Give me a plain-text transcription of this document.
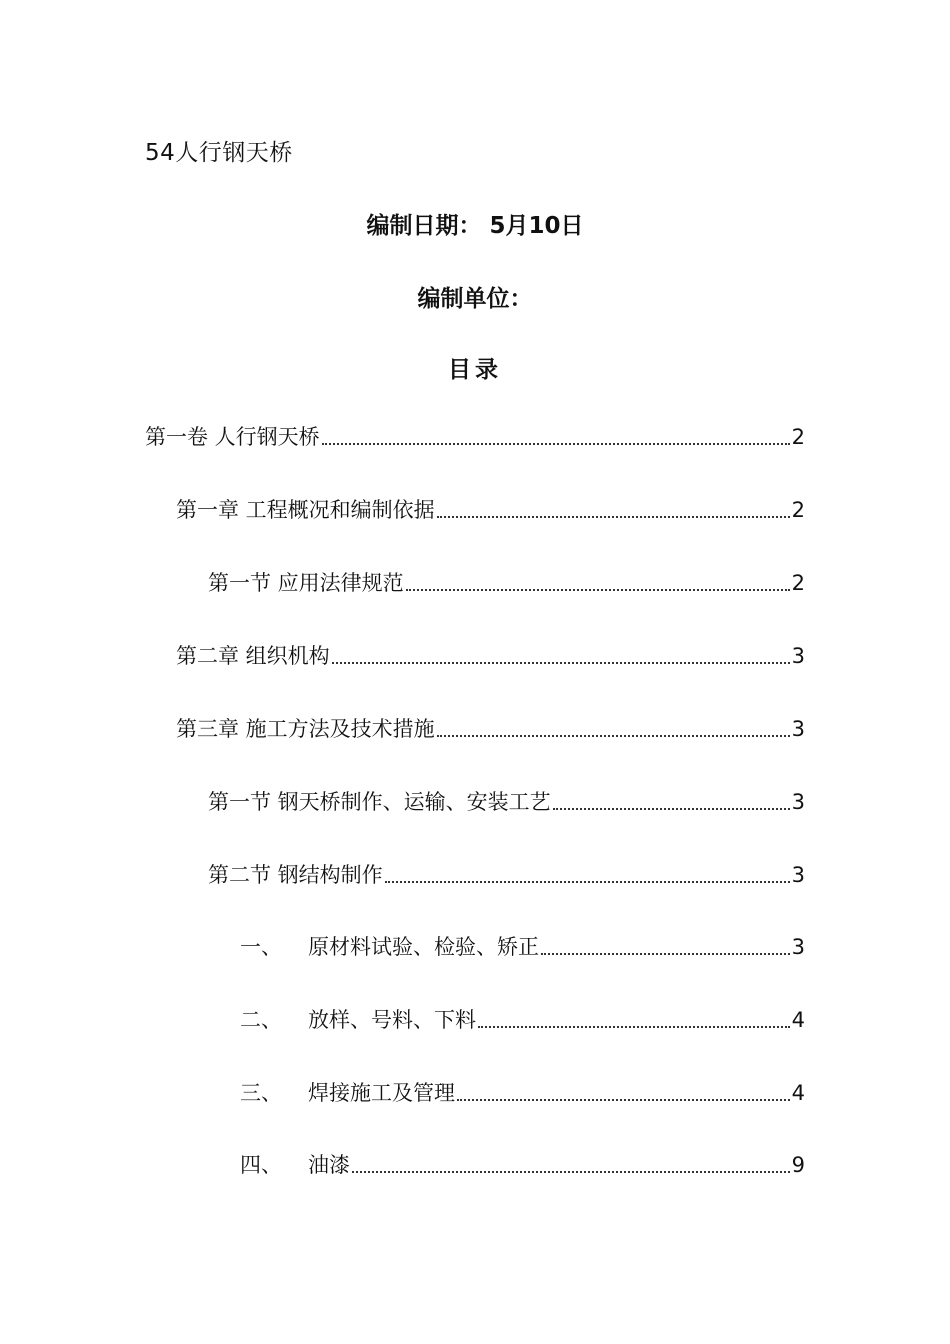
54人行钢天桥
编制日期： 5月10日
编制单位：
目录
第一卷 人行钢天桥	2
第一章 工程概况和编制依据	2
第一节 应用法律规范	2
第二章 组织机构	3
第三章 施工方法及技术措施	3
第一节 钢天桥制作、运输、安装工艺	3
第二节 钢结构制作	3
一、 原材料试验、检验、矫正	3
二、 放样、号料、下料	4
三、 焊接施工及管理	4
四、 油漆	9
